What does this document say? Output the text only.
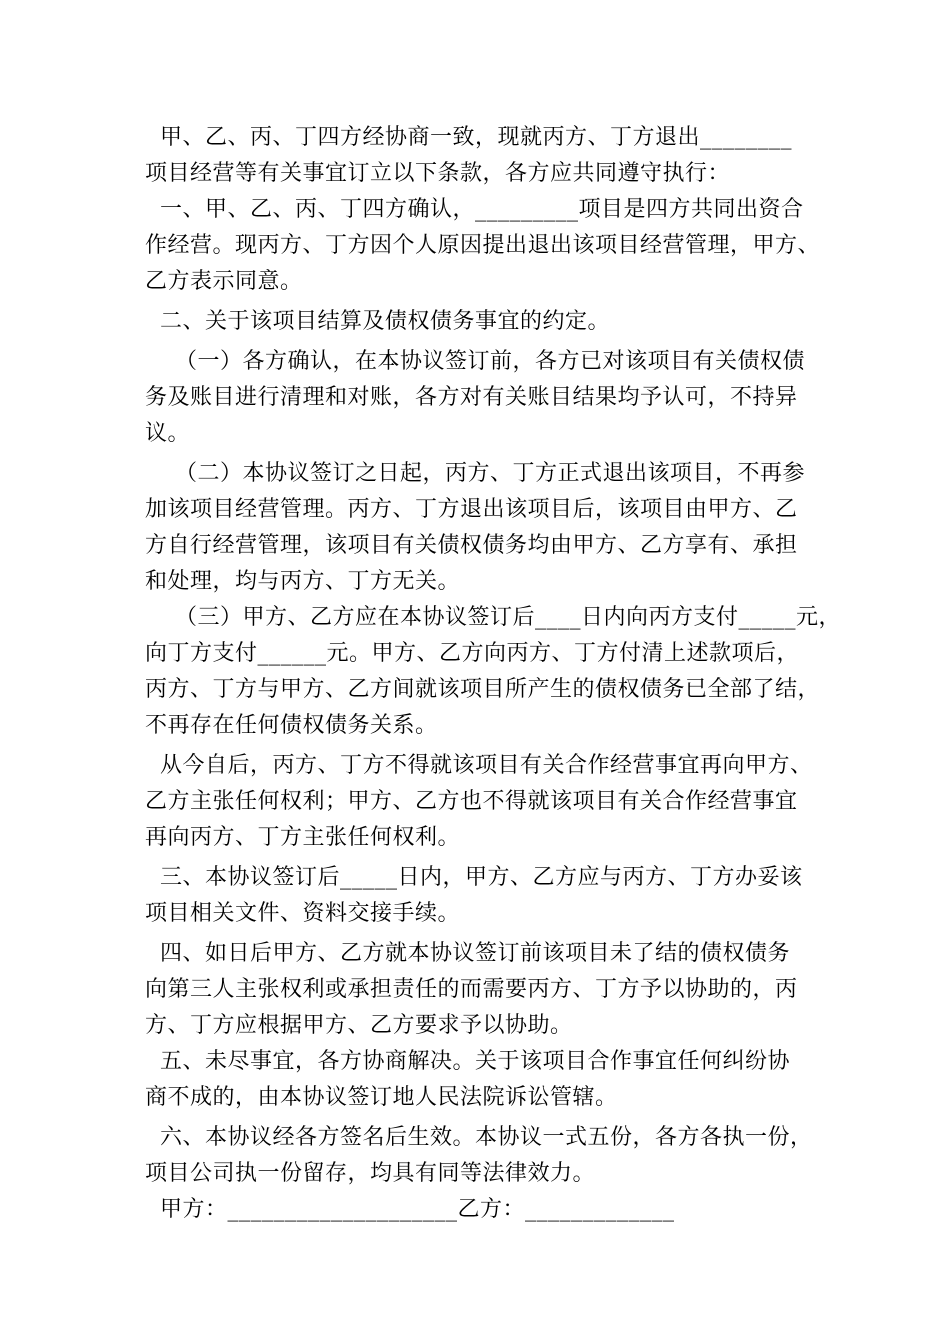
甲、乙、丙、丁四方经协商一致，现就丙方、丁方退出________
项目经营等有关事宜订立以下条款，各方应共同遵守执行：
一、甲、乙、丙、丁四方确认，_________项目是四方共同出资合
作经营。现丙方、丁方因个人原因提出退出该项目经营管理，甲方、
乙方表示同意。
二、关于该项目结算及债权债务事宜的约定。
（一）各方确认，在本协议签订前，各方已对该项目有关债权债
务及账目进行清理和对账，各方对有关账目结果均予认可，不持异
议。
（二）本协议签订之日起，丙方、丁方正式退出该项目，不再参
加该项目经营管理。丙方、丁方退出该项目后，该项目由甲方、乙
方自行经营管理，该项目有关债权债务均由甲方、乙方享有、承担
和处理，均与丙方、丁方无关。
（三）甲方、乙方应在本协议签订后____日内向丙方支付_____元，
向丁方支付______元。甲方、乙方向丙方、丁方付清上述款项后，
丙方、丁方与甲方、乙方间就该项目所产生的债权债务已全部了结，
不再存在任何债权债务关系。
从今自后，丙方、丁方不得就该项目有关合作经营事宜再向甲方、
乙方主张任何权利；甲方、乙方也不得就该项目有关合作经营事宜
再向丙方、丁方主张任何权利。
三、本协议签订后_____日内，甲方、乙方应与丙方、丁方办妥该
项目相关文件、资料交接手续。
四、如日后甲方、乙方就本协议签订前该项目未了结的债权债务
向第三人主张权利或承担责任的而需要丙方、丁方予以协助的，丙
方、丁方应根据甲方、乙方要求予以协助。
五、未尽事宜，各方协商解决。关于该项目合作事宜任何纠纷协
商不成的，由本协议签订地人民法院诉讼管辖。
六、本协议经各方签名后生效。本协议一式五份，各方各执一份，
项目公司执一份留存，均具有同等法律效力。
甲方：____________________乙方：_____________
